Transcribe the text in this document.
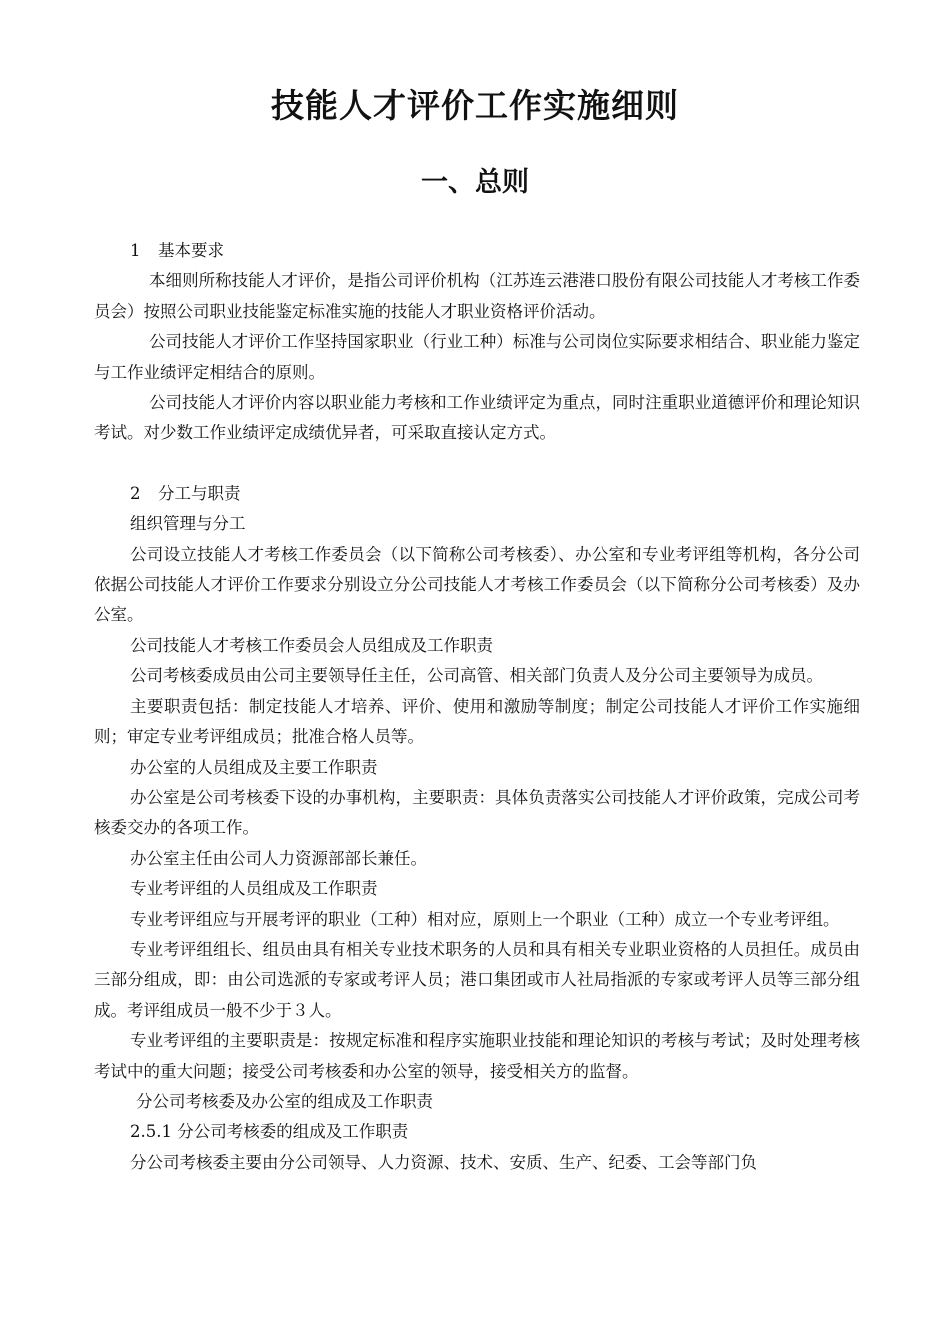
技能人才评价工作实施细则
一、总则

1 基本要求

本细则所称技能人才评价，是指公司评价机构（江苏连云港港口股份有限公司技能人才考核工作委员会）按照公司职业技能鉴定标准实施的技能人才职业资格评价活动。

公司技能人才评价工作坚持国家职业（行业工种）标准与公司岗位实际要求相结合、职业能力鉴定与工作业绩评定相结合的原则。

公司技能人才评价内容以职业能力考核和工作业绩评定为重点，同时注重职业道德评价和理论知识考试。对少数工作业绩评定成绩优异者，可采取直接认定方式。

2 分工与职责

组织管理与分工

公司设立技能人才考核工作委员会（以下简称公司考核委）、办公室和专业考评组等机构，各分公司依据公司技能人才评价工作要求分别设立分公司技能人才考核工作委员会（以下简称分公司考核委）及办公室。

公司技能人才考核工作委员会人员组成及工作职责

公司考核委成员由公司主要领导任主任，公司高管、相关部门负责人及分公司主要领导为成员。

主要职责包括：制定技能人才培养、评价、使用和激励等制度；制定公司技能人才评价工作实施细则；审定专业考评组成员；批准合格人员等。

办公室的人员组成及主要工作职责

办公室是公司考核委下设的办事机构，主要职责：具体负责落实公司技能人才评价政策，完成公司考核委交办的各项工作。

办公室主任由公司人力资源部部长兼任。

专业考评组的人员组成及工作职责

专业考评组应与开展考评的职业（工种）相对应，原则上一个职业（工种）成立一个专业考评组。

专业考评组组长、组员由具有相关专业技术职务的人员和具有相关专业职业资格的人员担任。成员由三部分组成，即：由公司选派的专家或考评人员；港口集团或市人社局指派的专家或考评人员等三部分组成。考评组成员一般不少于３人。

专业考评组的主要职责是：按规定标准和程序实施职业技能和理论知识的考核与考试；及时处理考核考试中的重大问题；接受公司考核委和办公室的领导，接受相关方的监督。

分公司考核委及办公室的组成及工作职责

2.5.1 分公司考核委的组成及工作职责

分公司考核委主要由分公司领导、人力资源、技术、安质、生产、纪委、工会等部门负
